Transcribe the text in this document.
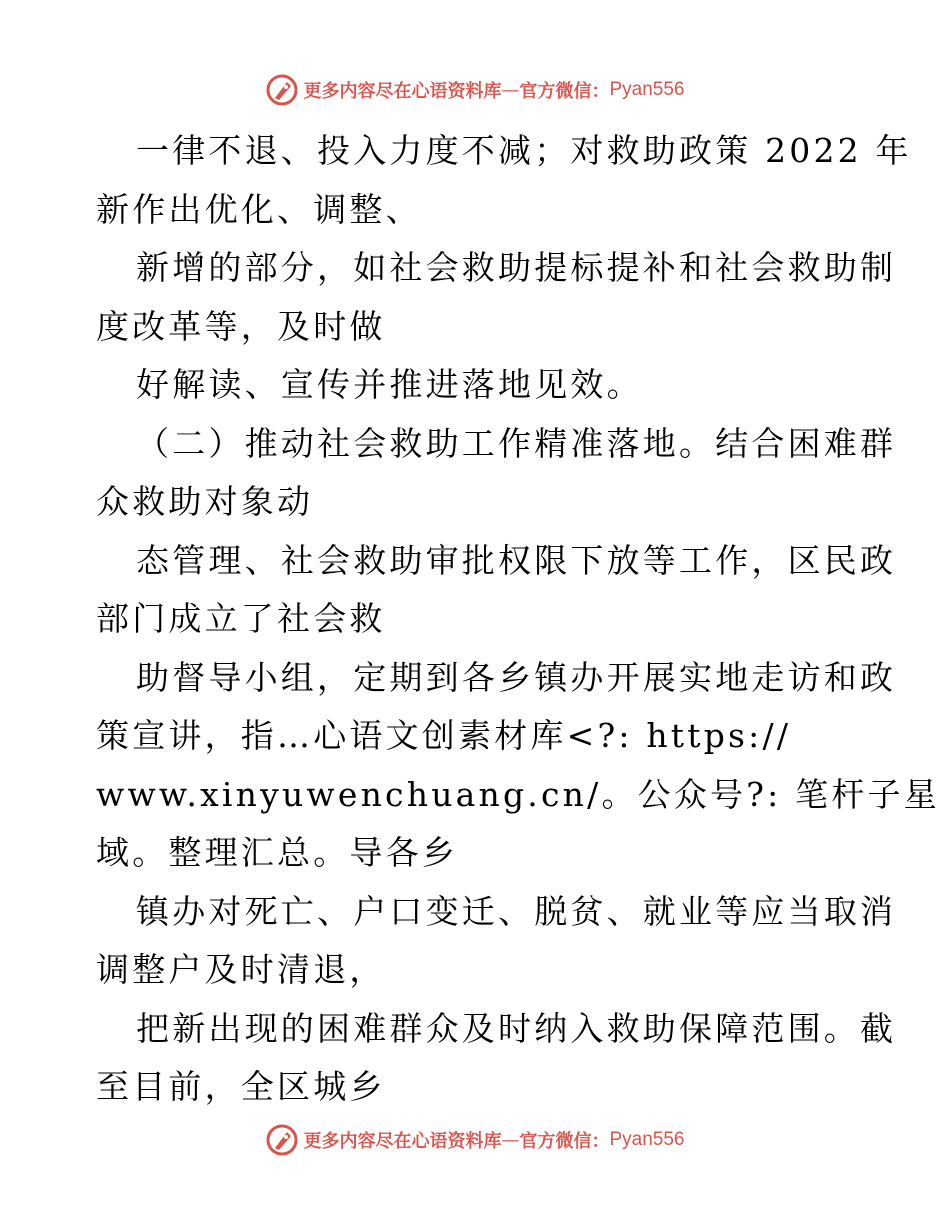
更多内容尽在心语资料库 — 官方微信： Pyan556
一律不退、投入力度不减；对救助政策 2022 年
新作出优化、调整、
新增的部分，如社会救助提标提补和社会救助制
度改革等，及时做
好解读、宣传并推进落地见效。
（二）推动社会救助工作精准落地。结合困难群
众救助对象动
态管理、社会救助审批权限下放等工作，区民政
部门成立了社会救
助督导小组，定期到各乡镇办开展实地走访和政
策宣讲，指…心语文创素材库<?: https://
www.xinyuwenchuang.cn/。公众号?: 笔杆子星
域。整理汇总。导各乡
镇办对死亡、户口变迁、脱贫、就业等应当取消
调整户及时清退，
把新出现的困难群众及时纳入救助保障范围。截
至目前，全区城乡
更多内容尽在心语资料库 — 官方微信： Pyan556
